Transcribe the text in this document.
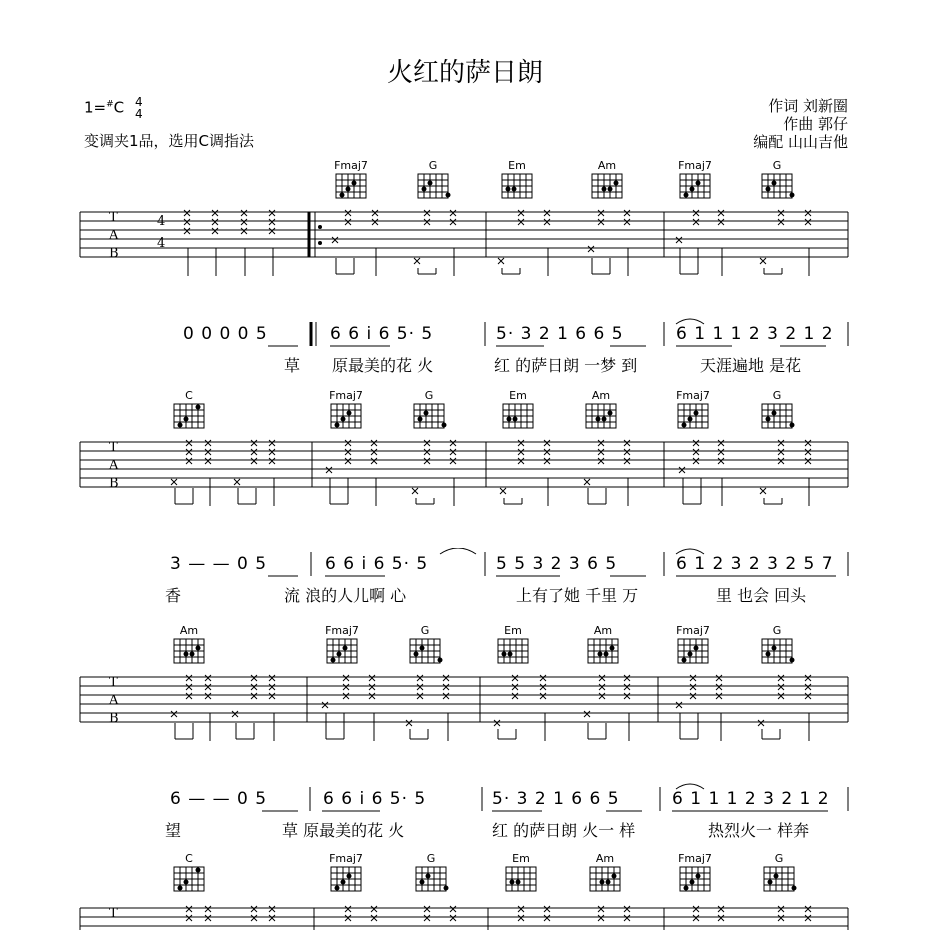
火红的萨日朗
1=#C 4
4
变调夹1品，选用C调指法
作词 刘新圈
作曲 郭仔
编配 山山吉他
Fmaj7	G	Em	Am	Fmaj7	G
T
A
B
4
4
0 0 0 0 5	6 6 i 6 5· 5	5· 3 2 1 6 6 5	6 1 1 1 2 3 2 1 2
草 原最美的花 火	红 的萨日朗 一梦 到	天涯遍地 是花
C	Fmaj7	G	Em	Am	Fmaj7	G
T
A
B
3 — — 0 5	6 6 i 6 5· 5	5 5 3 2 3 6 5	6 1 2 3 2 3 2 5 7
香	流 浪的人儿啊 心	上有了她 千里 万	里 也会 回头
Am	Fmaj7	G	Em	Am	Fmaj7	G
T
A
B
6 — — 0 5	6 6 i 6 5· 5	5· 3 2 1 6 6 5	6 1 1 1 2 3 2 1 2
望	草 原最美的花 火	红 的萨日朗 火一 样	热烈火一 样奔
C	Fmaj7	G	Em	Am	Fmaj7	G
T
